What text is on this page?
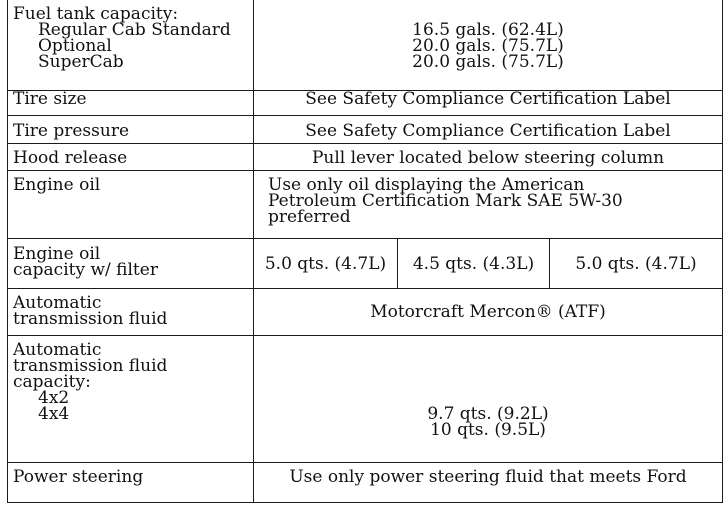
Fuel tank capacity:
Regular Cab Standard
Optional
SuperCab	16.5 gals. (62.4L)
20.0 gals. (75.7L)
20.0 gals. (75.7L)		

Tire size	See Safety Compliance Certification Label		
Tire pressure	See Safety Compliance Certification Label		
Hood release	Pull lever located below steering column		
Engine oil	Use only oil displaying the American
Petroleum Certification Mark SAE 5W-30
preferred		

Engine oil
capacity w/ filter	5.0 qts. (4.7L)	4.5 qts. (4.3L)	5.0 qts. (4.7L)

Automatic
transmission fluid	Motorcraft Mercon® (ATF)		

Automatic
transmission fluid
capacity:
4x2
4x4	9.7 qts. (9.2L)
10 qts. (9.5L)		

Power steering	Use only power steering fluid that meets Ford		
